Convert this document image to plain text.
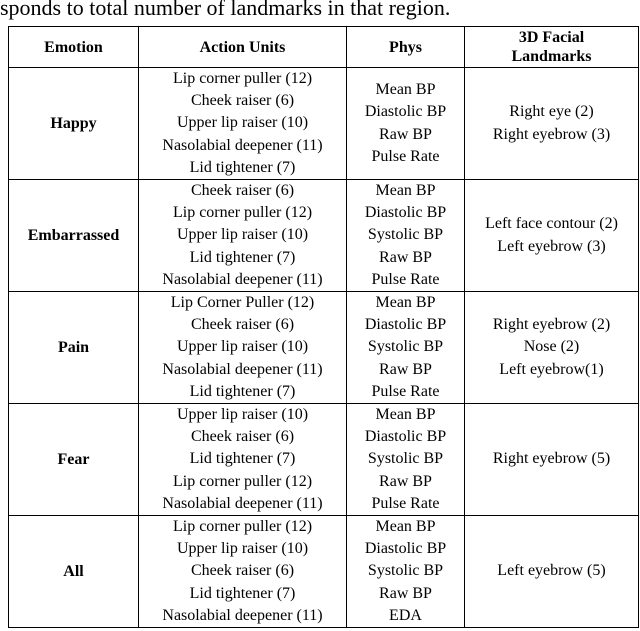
sponds to total number of landmarks in that region.
Emotion	Action Units	Phys	3D Facial
Landmarks

Happy	Lip corner puller (12)
Cheek raiser (6)
Upper lip raiser (10)
Nasolabial deepener (11)
Lid tightener (7)	Mean BP
Diastolic BP
Raw BP
Pulse Rate	Right eye (2)
Right eyebrow (3)

Embarrassed	Cheek raiser (6)
Lip corner puller (12)
Upper lip raiser (10)
Lid tightener (7)
Nasolabial deepener (11)	Mean BP
Diastolic BP
Systolic BP
Raw BP
Pulse Rate	Left face contour (2)
Left eyebrow (3)

Pain	Lip Corner Puller (12)
Cheek raiser (6)
Upper lip raiser (10)
Nasolabial deepener (11)
Lid tightener (7)	Mean BP
Diastolic BP
Systolic BP
Raw BP
Pulse Rate	Right eyebrow (2)
Nose (2)
Left eyebrow(1)

Fear	Upper lip raiser (10)
Cheek raiser (6)
Lid tightener (7)
Lip corner puller (12)
Nasolabial deepener (11)	Mean BP
Diastolic BP
Systolic BP
Raw BP
Pulse Rate	Right eyebrow (5)

All	Lip corner puller (12)
Upper lip raiser (10)
Cheek raiser (6)
Lid tightener (7)
Nasolabial deepener (11)	Mean BP
Diastolic BP
Systolic BP
Raw BP
EDA	Left eyebrow (5)
